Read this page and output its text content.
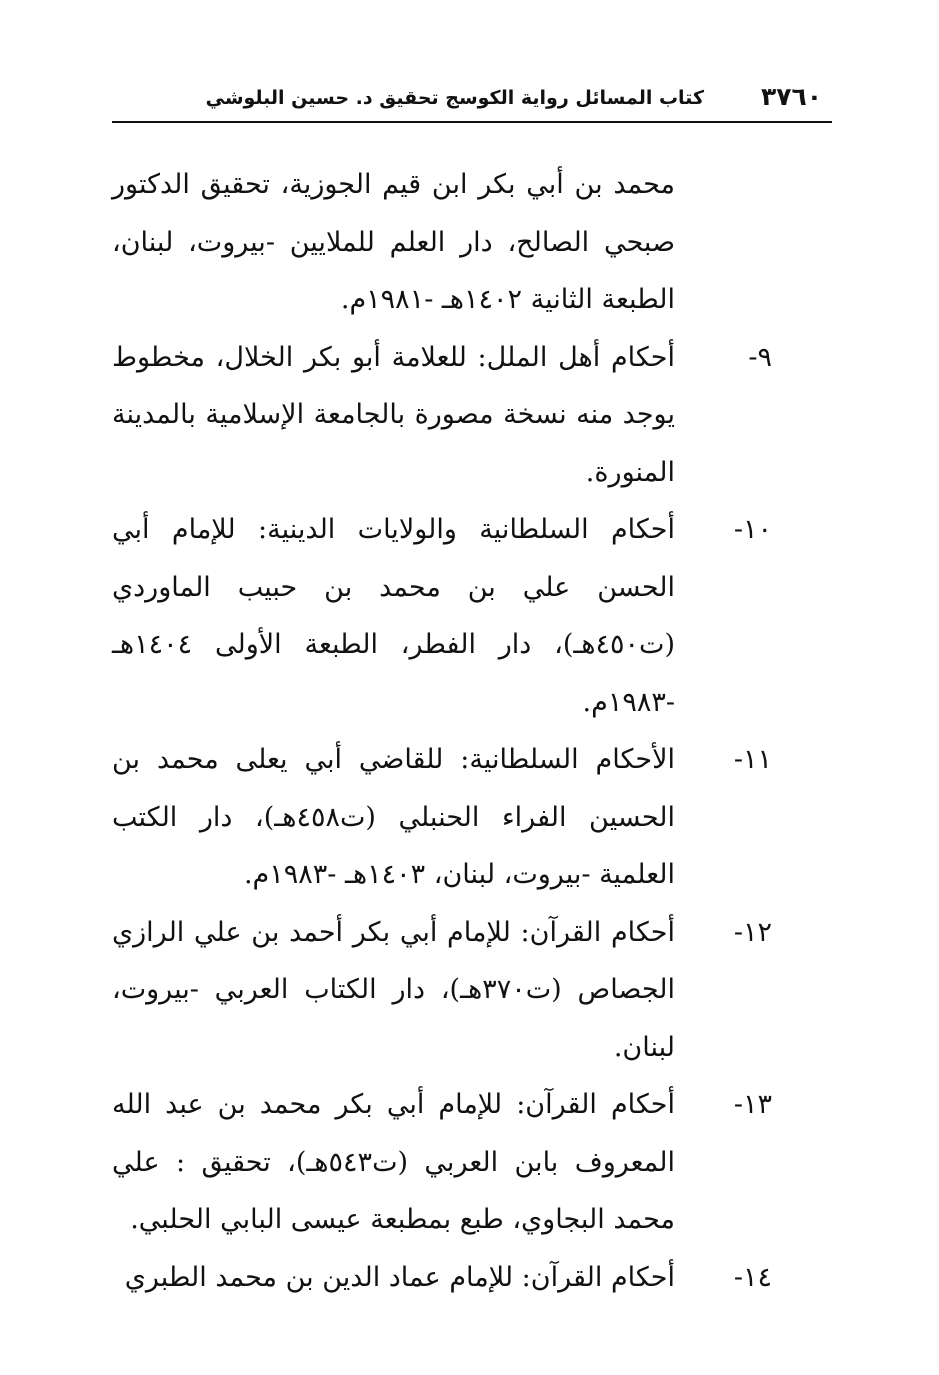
٣٧٦٠
كتاب المسائل رواية الكوسج تحقيق د. حسين البلوشي
محمد بن أبي بكر ابن قيم الجوزية، تحقيق الدكتور صبحي الصالح، دار العلم للملايين -بيروت، لبنان، الطبعة الثانية ١٤٠٢هـ -١٩٨١م.
٩-
أحكام أهل الملل: للعلامة أبو بكر الخلال، مخطوط يوجد منه نسخة مصورة بالجامعة الإسلامية بالمدينة المنورة.
١٠-
أحكام السلطانية والولايات الدينية: للإمام أبي الحسن علي بن محمد بن حبيب الماوردي (ت٤٥٠هـ)، دار الفطر، الطبعة الأولى ١٤٠٤هـ -١٩٨٣م.
١١-
الأحكام السلطانية: للقاضي أبي يعلى محمد بن الحسين الفراء الحنبلي (ت٤٥٨هـ)، دار الكتب العلمية -بيروت، لبنان، ١٤٠٣هـ -١٩٨٣م.
١٢-
أحكام القرآن: للإمام أبي بكر أحمد بن علي الرازي الجصاص (ت٣٧٠هـ)، دار الكتاب العربي -بيروت، لبنان.
١٣-
أحكام القرآن: للإمام أبي بكر محمد بن عبد الله المعروف بابن العربي (ت٥٤٣هـ)، تحقيق : علي محمد البجاوي، طبع بمطبعة عيسى البابي الحلبي.
١٤-
أحكام القرآن: للإمام عماد الدين بن محمد الطبري
